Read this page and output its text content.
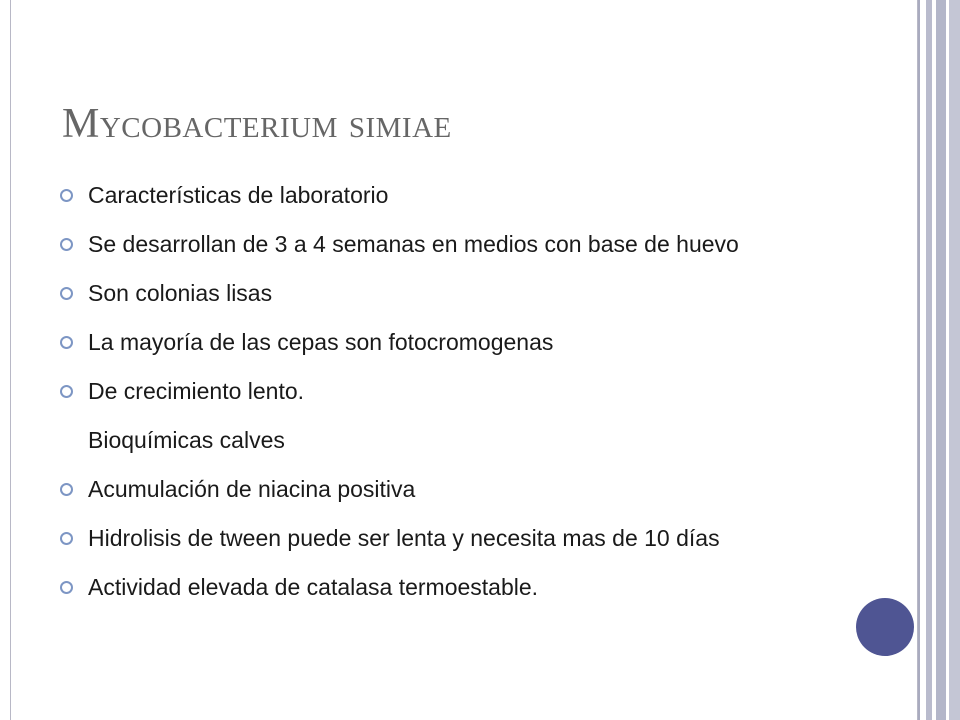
Mycobacterium simiae
Características de laboratorio
Se desarrollan de 3 a 4 semanas en medios con base de huevo
Son colonias lisas
La mayoría de las cepas son fotocromogenas
De crecimiento lento.
Bioquímicas calves
Acumulación de niacina positiva
Hidrolisis de tween puede ser lenta y necesita mas de 10 días
Actividad elevada de catalasa termoestable.
